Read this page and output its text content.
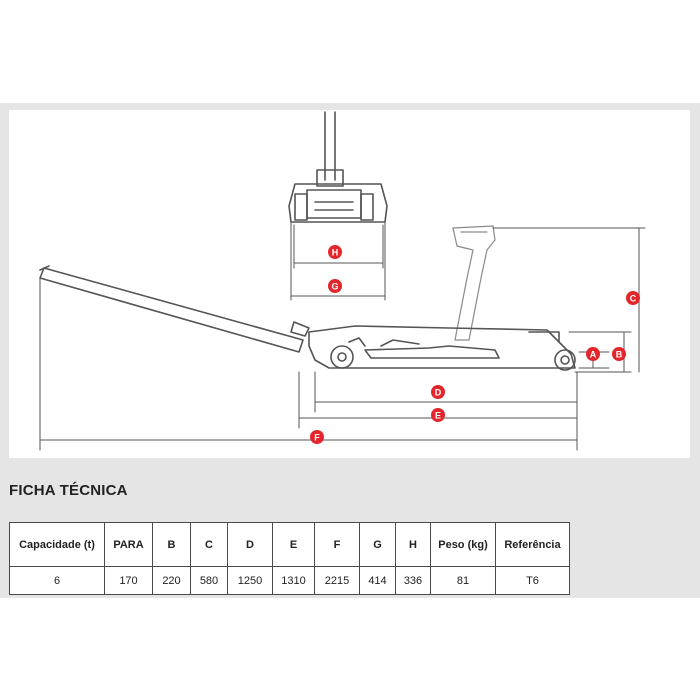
H
G
A B
C
D
E
F
FICHA TÉCNICA
Capacidade (t)	PARA	B	C	D	E	F	G	H	Peso (kg)	Referência
6	170	220	580	1250	1310	2215	414	336	81	T6
